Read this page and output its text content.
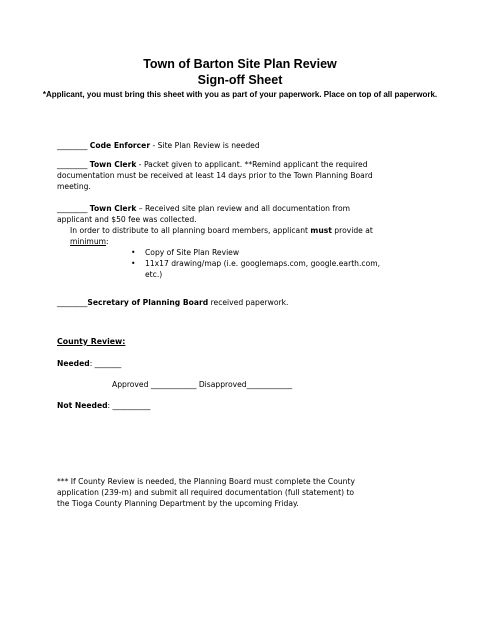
Town of Barton Site Plan Review
Sign-off Sheet
*Applicant, you must bring this sheet with you as part of your paperwork. Place on top of all paperwork.
________ Code Enforcer - Site Plan Review is needed
________ Town Clerk - Packet given to applicant. **Remind applicant the required documentation must be received at least 14 days prior to the Town Planning Board meeting.
________ Town Clerk – Received site plan review and all documentation from applicant and $50 fee was collected.
In order to distribute to all planning board members, applicant must provide at minimum:
• Copy of Site Plan Review
• 11x17 drawing/map (i.e. googlemaps.com, google.earth.com, etc.)
________Secretary of Planning Board received paperwork.
County Review:
Needed: _______
Approved ____________ Disapproved____________
Not Needed: __________
*** If County Review is needed, the Planning Board must complete the County application (239-m) and submit all required documentation (full statement) to the Tioga County Planning Department by the upcoming Friday.
